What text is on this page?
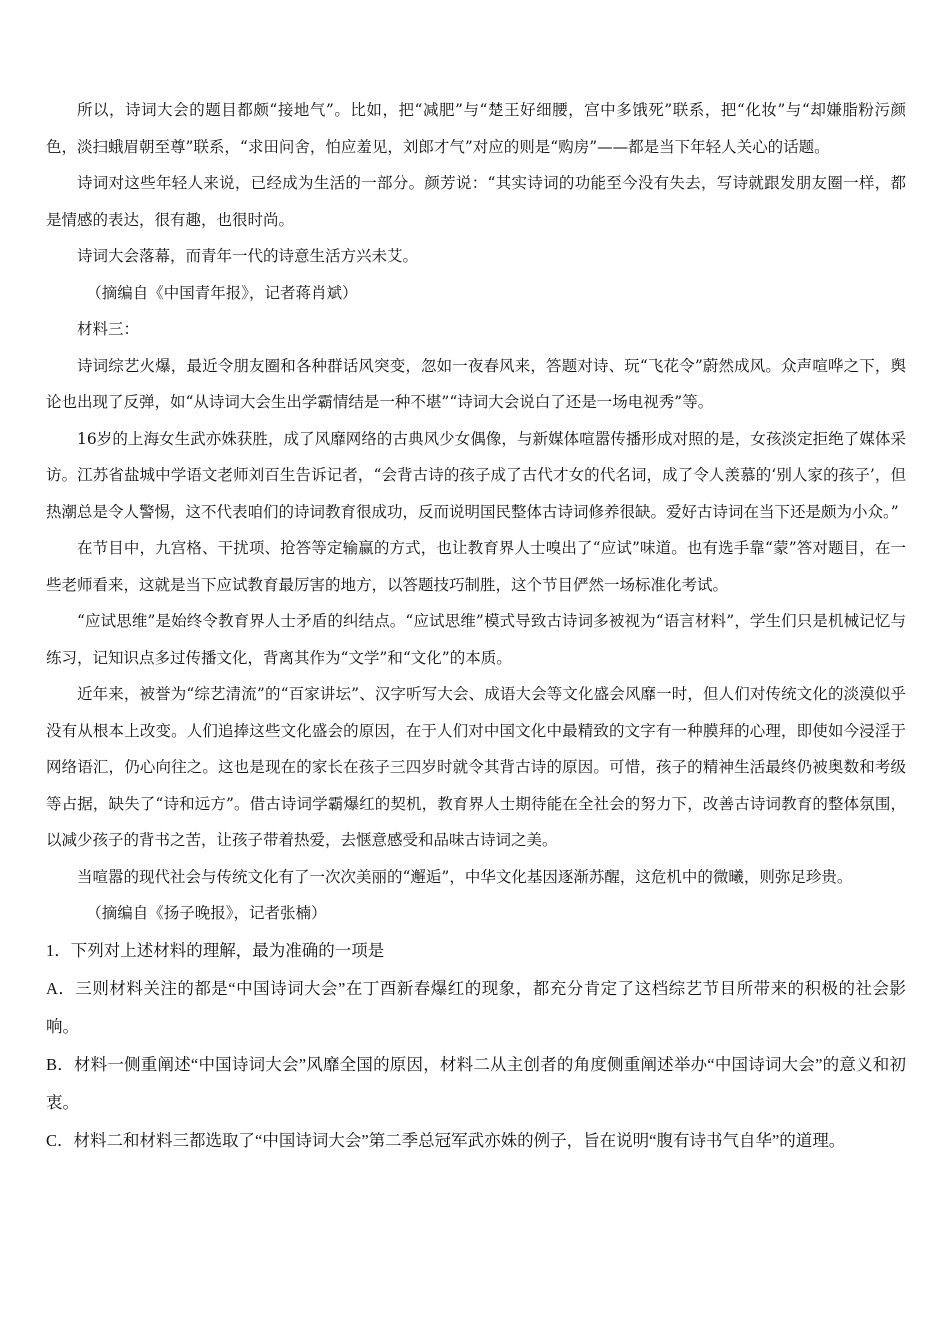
所以，诗词大会的题目都颇“接地气”。比如，把“减肥”与“楚王好细腰，宫中多饿死”联系，把“化妆”与“却嫌脂粉污颜色，淡扫蛾眉朝至尊”联系，“求田问舍，怕应羞见，刘郎才气”对应的则是“购房”——都是当下年轻人关心的话题。

诗词对这些年轻人来说，已经成为生活的一部分。颜芳说：“其实诗词的功能至今没有失去，写诗就跟发朋友圈一样，都是情感的表达，很有趣，也很时尚。

诗词大会落幕，而青年一代的诗意生活方兴未艾。

（摘编自《中国青年报》，记者蒋肖斌）

材料三：

诗词综艺火爆，最近令朋友圈和各种群话风突变，忽如一夜春风来，答题对诗、玩“飞花令”蔚然成风。众声喧哗之下，舆论也出现了反弹，如“从诗词大会生出学霸情结是一种不堪”“诗词大会说白了还是一场电视秀”等。

16岁的上海女生武亦姝获胜，成了风靡网络的古典风少女偶像，与新媒体喧嚣传播形成对照的是，女孩淡定拒绝了媒体采访。江苏省盐城中学语文老师刘百生告诉记者，“会背古诗的孩子成了古代才女的代名词，成了令人羡慕的‘别人家的孩子’，但热潮总是令人警惕，这不代表咱们的诗词教育很成功，反而说明国民整体古诗词修养很缺。爱好古诗词在当下还是颇为小众。”

在节目中，九宫格、干扰项、抢答等定输赢的方式，也让教育界人士嗅出了“应试”味道。也有选手靠“蒙”答对题目，在一些老师看来，这就是当下应试教育最厉害的地方，以答题技巧制胜，这个节目俨然一场标准化考试。

“应试思维”是始终令教育界人士矛盾的纠结点。“应试思维”模式导致古诗词多被视为“语言材料”，学生们只是机械记忆与练习，记知识点多过传播文化，背离其作为“文学”和“文化”的本质。

近年来，被誉为“综艺清流”的“百家讲坛”、汉字听写大会、成语大会等文化盛会风靡一时，但人们对传统文化的淡漠似乎没有从根本上改变。人们追捧这些文化盛会的原因，在于人们对中国文化中最精致的文字有一种膜拜的心理，即使如今浸淫于网络语汇，仍心向往之。这也是现在的家长在孩子三四岁时就令其背古诗的原因。可惜，孩子的精神生活最终仍被奥数和考级等占据，缺失了“诗和远方”。借古诗词学霸爆红的契机，教育界人士期待能在全社会的努力下，改善古诗词教育的整体氛围，以减少孩子的背书之苦，让孩子带着热爱，去惬意感受和品味古诗词之美。

当喧嚣的现代社会与传统文化有了一次次美丽的“邂逅”，中华文化基因逐渐苏醒，这危机中的微曦，则弥足珍贵。

（摘编自《扬子晚报》，记者张楠）

1．下列对上述材料的理解，最为准确的一项是

A．三则材料关注的都是“中国诗词大会”在丁酉新春爆红的现象，都充分肯定了这档综艺节目所带来的积极的社会影响。

B．材料一侧重阐述“中国诗词大会”风靡全国的原因，材料二从主创者的角度侧重阐述举办“中国诗词大会”的意义和初衷。

C．材料二和材料三都选取了“中国诗词大会”第二季总冠军武亦姝的例子，旨在说明“腹有诗书气自华”的道理。
